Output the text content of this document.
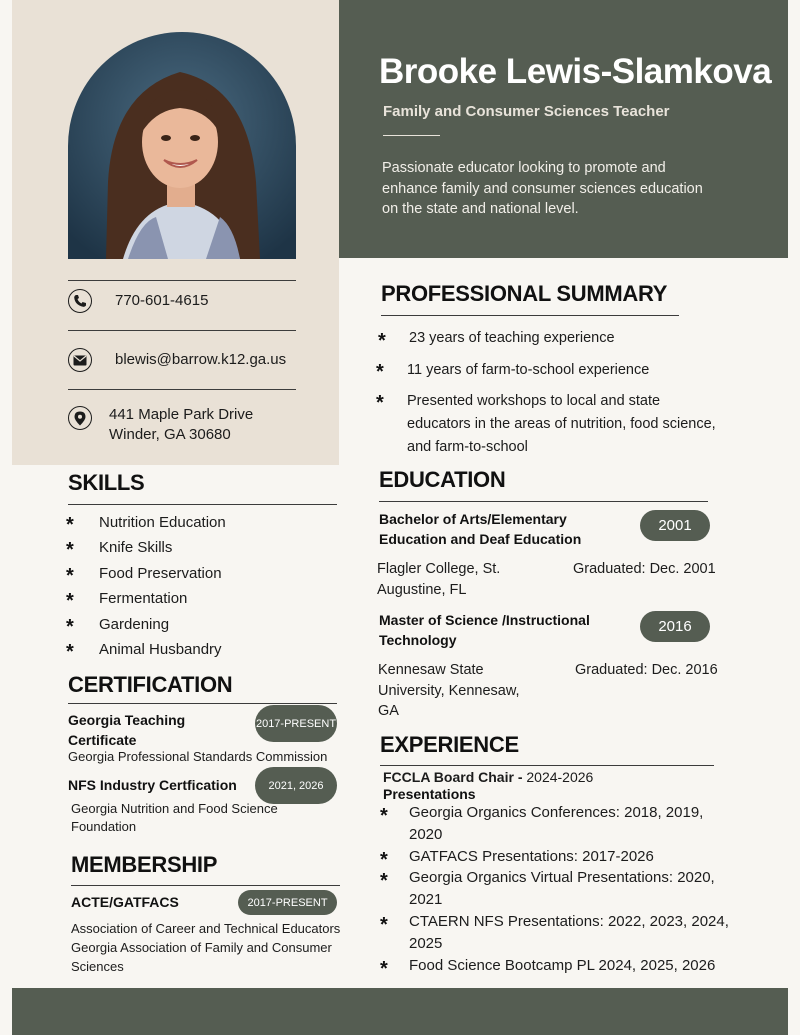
770-601-4615
blewis@barrow.k12.ga.us
441 Maple Park Drive
Winder, GA 30680
Brooke Lewis-Slamkova
Family and Consumer Sciences Teacher
Passionate educator looking to promote and enhance family and consumer sciences education on the state and national level.
SKILLS
* Nutrition Education
* Knife Skills
* Food Preservation
* Fermentation
* Gardening
* Animal Husbandry
CERTIFICATION
Georgia Teaching Certificate
2017-PRESENT
Georgia Professional Standards Commission
NFS Industry Certfication	2021, 2026
Georgia Nutrition and Food Science Foundation
MEMBERSHIP
ACTE/GATFACS	2017-PRESENT
Association of Career and Technical Educators
Georgia Association of Family and Consumer Sciences
PROFESSIONAL SUMMARY
* 23 years of teaching experience
* 11 years of farm-to-school experience
* Presented workshops to local and state educators in the areas of nutrition, food science, and farm-to-school
EDUCATION
Bachelor of Arts/Elementary Education and Deaf Education
2001
Flagler College, St. Augustine, FL
Graduated: Dec. 2001
Master of Science /Instructional Technology
2016
Kennesaw State University, Kennesaw, GA
Graduated: Dec. 2016
EXPERIENCE
FCCLA Board Chair - 2024-2026
Presentations
* Georgia Organics Conferences: 2018, 2019, 2020
* GATFACS Presentations: 2017-2026
* Georgia Organics Virtual Presentations: 2020, 2021
* CTAERN NFS Presentations: 2022, 2023, 2024, 2025
* Food Science Bootcamp PL 2024, 2025, 2026
